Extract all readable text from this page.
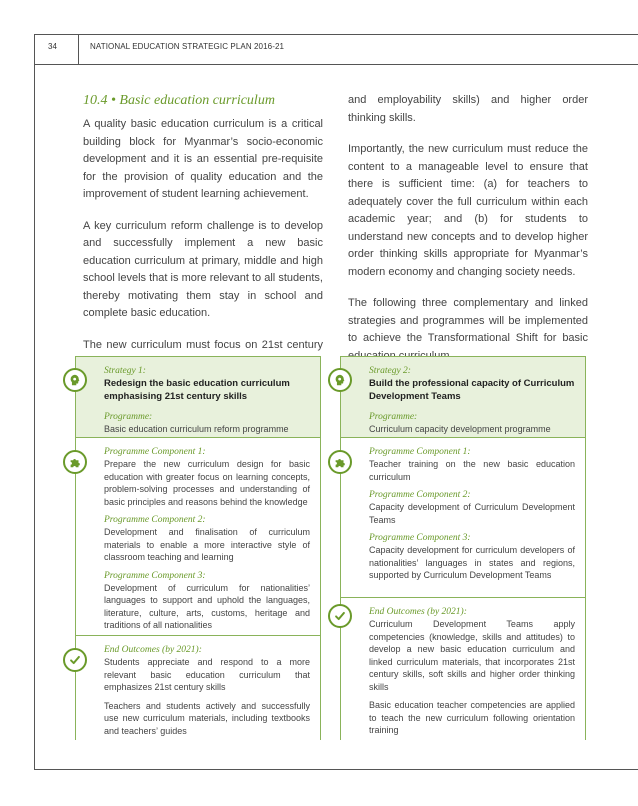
34	NATIONAL EDUCATION STRATEGIC PLAN 2016-21
10.4 • Basic education curriculum

A quality basic education curriculum is a critical building block for Myanmar’s socio-economic development and it is an essential pre-requisite for the provision of quality education and the improvement of student learning achievement.

A key curriculum reform challenge is to develop and successfully implement a new basic education curriculum at primary, middle and high school levels that is more relevant to all students, thereby motivating them stay in school and complete basic education.

The new curriculum must focus on 21st century

and employability skills) and higher order thinking skills.

Importantly, the new curriculum must reduce the content to a manageable level to ensure that there is sufficient time: (a) for teachers to adequately cover the full curriculum within each academic year; and (b) for students to understand new concepts and to develop higher order thinking skills appropriate for Myanmar’s modern economy and changing society needs.

The following three complementary and linked strategies and programmes will be implemented to achieve the Transformational Shift for basic

Strategy 1:
Redesign the basic education curriculum emphasising 21st century skills
Programme:
Basic education curriculum reform programme
Programme Component 1:
Prepare the new curriculum design for basic education with greater focus on learning concepts, problem-solving processes and understanding of basic principles and reasons behind the knowledge
Programme Component 2:
Development and finalisation of curriculum materials to enable a more interactive style of classroom teaching and learning
Programme Component 3:
Development of curriculum for nationalities’ languages to support and uphold the languages, literature, culture, arts, customs, heritage and traditions of all nationalities
End Outcomes (by 2021):
Students appreciate and respond to a more relevant basic education curriculum that emphasizes 21st century skills
Teachers and students actively and successfully use new curriculum materials, including textbooks and teachers’ guides
Strategy 2:
Build the professional capacity of Curriculum Development Teams
Programme:
Curriculum capacity development programme
Programme Component 1:
Teacher training on the new basic education curriculum
Programme Component 2:
Capacity development of Curriculum Development Teams
Programme Component 3:
Capacity development for curriculum developers of nationalities’ languages in states and regions, supported by Curriculum Development Teams
End Outcomes (by 2021):
Curriculum Development Teams apply competencies (knowledge, skills and attitudes) to develop a new basic education curriculum and linked curriculum materials, that incorporates 21st century skills, soft skills and higher order thinking skills
Basic education teacher competencies are applied to teach the new curriculum following orientation training
